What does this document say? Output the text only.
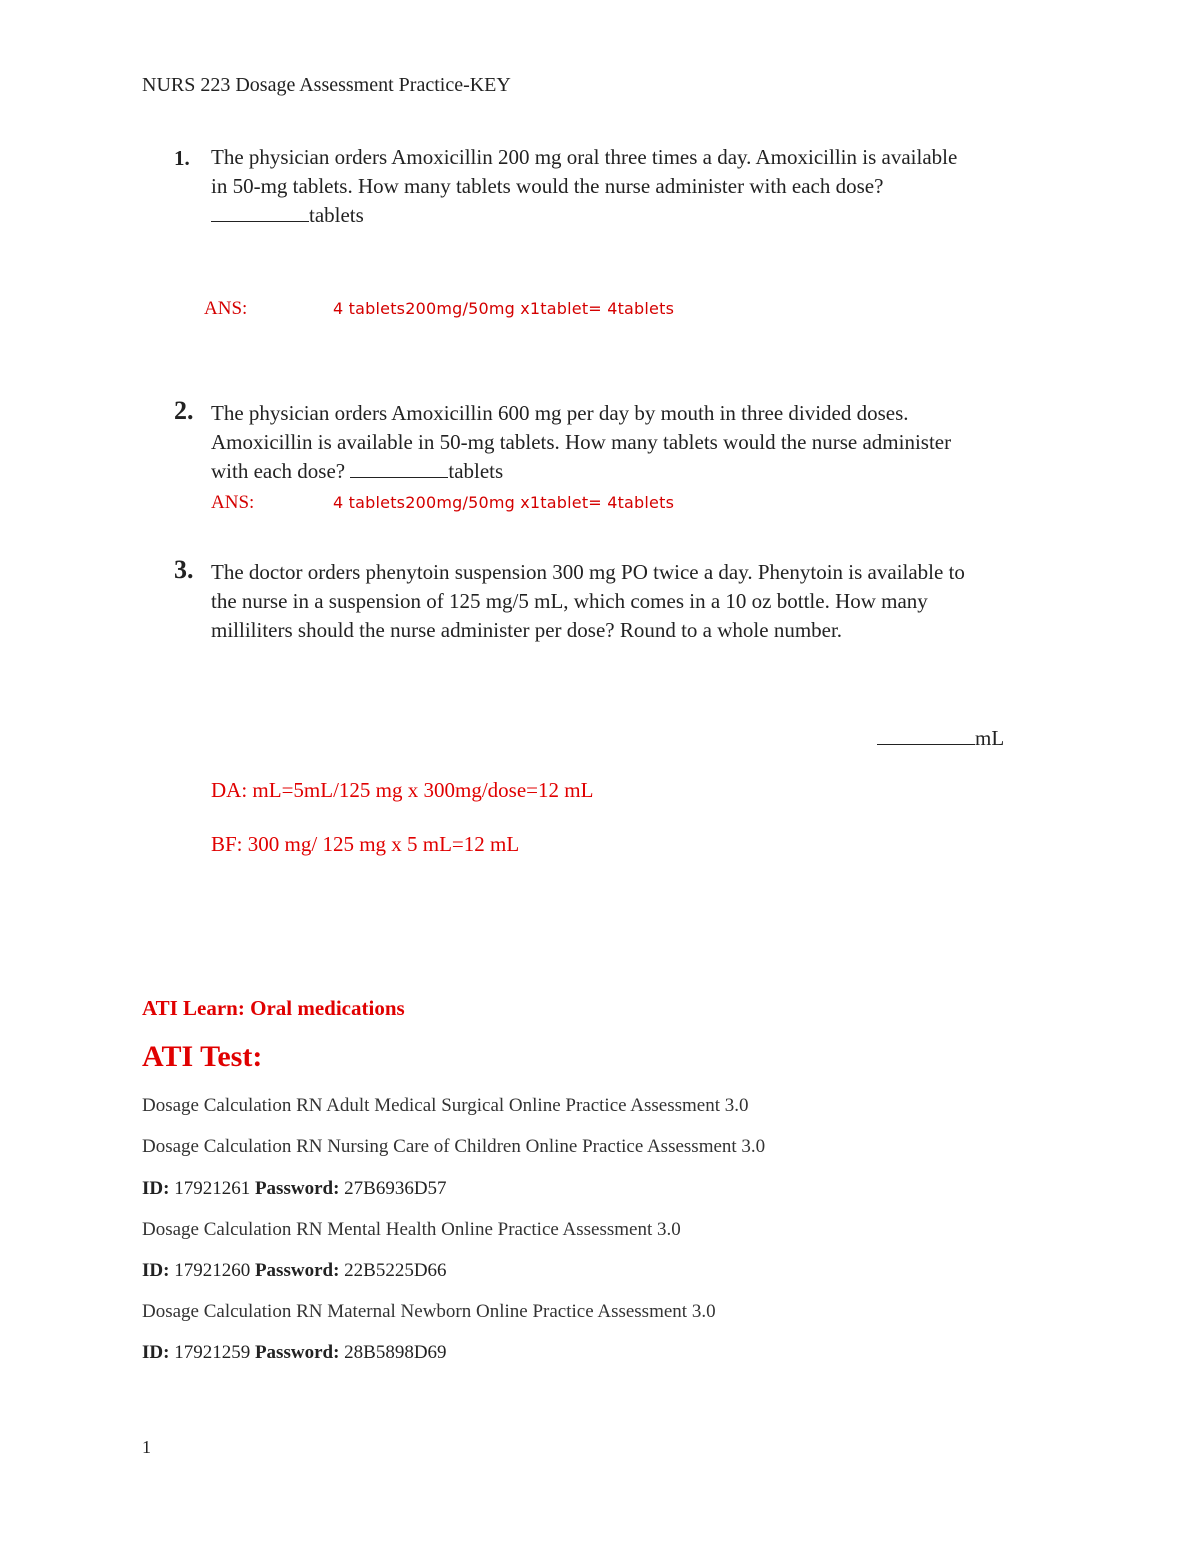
NURS 223 Dosage Assessment Practice-KEY
1. The physician orders Amoxicillin 200 mg oral three times a day. Amoxicillin is available
in 50-mg tablets. How many tablets would the nurse administer with each dose?
tablets
ANS:	4 tablets200mg/50mg x1tablet= 4tablets
2. The physician orders Amoxicillin 600 mg per day by mouth in three divided doses.
Amoxicillin is available in 50-mg tablets. How many tablets would the nurse administer
with each dose?	tablets
ANS:	4 tablets200mg/50mg x1tablet= 4tablets
3. The doctor orders phenytoin suspension 300 mg PO twice a day. Phenytoin is available to
the nurse in a suspension of 125 mg/5 mL, which comes in a 10 oz bottle. How many
milliliters should the nurse administer per dose? Round to a whole number.
mL
DA: mL=5mL/125 mg x 300mg/dose=12 mL
BF: 300 mg/ 125 mg x 5 mL=12 mL
ATI Learn: Oral medications
ATI Test:
Dosage Calculation RN Adult Medical Surgical Online Practice Assessment 3.0
Dosage Calculation RN Nursing Care of Children Online Practice Assessment 3.0
ID: 17921261 Password: 27B6936D57
Dosage Calculation RN Mental Health Online Practice Assessment 3.0
ID: 17921260 Password: 22B5225D66
Dosage Calculation RN Maternal Newborn Online Practice Assessment 3.0
ID: 17921259 Password: 28B5898D69
1
